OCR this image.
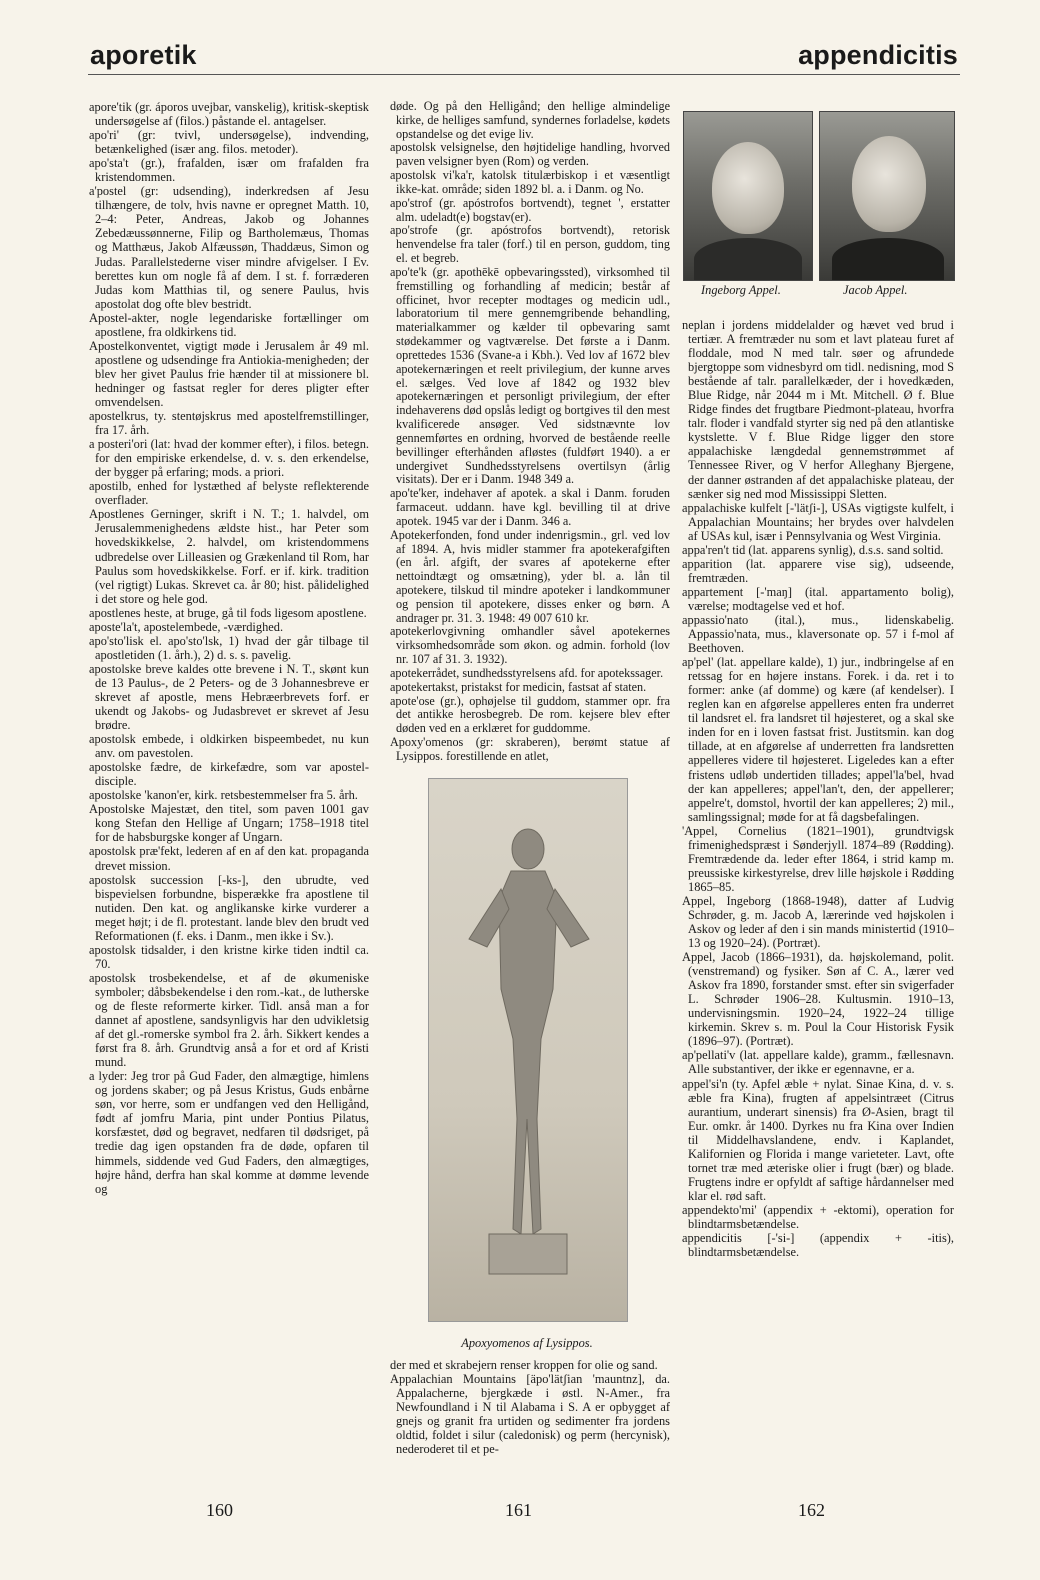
aporetik	appendicitis

apore'tik (gr. áporos uvejbar, vanskelig), kritisk-skeptisk undersøgelse af (filos.) påstande el. antagelser.

apo'ri' (gr: tvivl, undersøgelse), indvending, betænkelighed (især ang. filos. metoder).

apo'sta't (gr.), frafalden, især om frafalden fra kristendommen.

a'postel (gr: udsending), inderkredsen af Jesu tilhængere, de tolv, hvis navne er opregnet Matth. 10, 2–4: Peter, Andreas, Jakob og Johannes Zebedæussønnerne, Filip og Bartholemæus, Thomas og Matthæus, Jakob Alfæussøn, Thaddæus, Simon og Judas. Parallelstederne viser mindre afvigelser. I Ev. berettes kun om nogle få af dem. I st. f. forræderen Judas kom Matthias til, og senere Paulus, hvis apostolat dog ofte blev bestridt.

Apostel-akter, nogle legendariske fortællinger om apostlene, fra oldkirkens tid.

Apostelkonventet, vigtigt møde i Jerusalem år 49 ml. apostlene og udsendinge fra Antiokia-menigheden; der blev her givet Paulus frie hænder til at missionere bl. hedninger og fastsat regler for deres pligter efter omvendelsen.

apostelkrus, ty. stentøjskrus med apostelfremstillinger, fra 17. årh.

a posteri'ori (lat: hvad der kommer efter), i filos. betegn. for den empiriske erkendelse, d. v. s. den erkendelse, der bygger på erfaring; mods. a priori.

apostilb, enhed for lystæthed af belyste reflekterende overflader.

Apostlenes Gerninger, skrift i N. T.; 1. halvdel, om Jerusalemmenighedens ældste hist., har Peter som hovedskikkelse, 2. halvdel, om kristendommens udbredelse over Lilleasien og Grækenland til Rom, har Paulus som hovedskikkelse. Forf. er if. kirk. tradition (vel rigtigt) Lukas. Skrevet ca. år 80; hist. pålidelighed i det store og hele god.

apostlenes heste, at bruge, gå til fods ligesom apostlene.

aposte'la't, apostelembede, -værdighed.

apo'sto'lisk el. apo'sto'lsk, 1) hvad der går tilbage til apostletiden (1. årh.), 2) d. s. s. pavelig.

apostolske breve kaldes otte brevene i N. T., skønt kun de 13 Paulus-, de 2 Peters- og de 3 Johannesbreve er skrevet af apostle, mens Hebræerbrevets forf. er ukendt og Jakobs- og Judasbrevet er skrevet af Jesu brødre.

apostolsk embede, i oldkirken bispeembedet, nu kun anv. om pavestolen.

apostolske fædre, de kirkefædre, som var aposteldisciple.

apostolske 'kanon'er, kirk. retsbestemmelser fra 5. årh.

Apostolske Majestæt, den titel, som paven 1001 gav kong Stefan den Hellige af Ungarn; 1758–1918 titel for de habsburgske konger af Ungarn.

apostolsk præ'fekt, lederen af en af den kat. propaganda drevet mission.

apostolsk succession [-ks-], den ubrudte, ved bispevielsen forbundne, bisperække fra apostlene til nutiden. Den kat. og anglikanske kirke vurderer a meget højt; i de fl. protestant. lande blev den brudt ved Reformationen (f. eks. i Danm., men ikke i Sv.).

apostolsk tidsalder, i den kristne kirke tiden indtil ca. 70.

apostolsk trosbekendelse, et af de økumeniske symboler; dåbsbekendelse i den rom.-kat., de lutherske og de fleste reformerte kirker. Tidl. anså man a for dannet af apostlene, sandsynligvis har den udvikletsig af det gl.-romerske symbol fra 2. årh. Sikkert kendes a først fra 8. årh. Grundtvig anså a for et ord af Kristi mund.

a lyder: Jeg tror på Gud Fader, den almægtige, himlens og jordens skaber; og på Jesus Kristus, Guds enbårne søn, vor herre, som er undfangen ved den Helligånd, født af jomfru Maria, pint under Pontius Pilatus, korsfæstet, død og begravet, nedfaren til dødsriget, på tredie dag igen opstanden fra de døde, opfaren til himmels, siddende ved Gud Faders, den almægtiges, højre hånd, derfra han skal komme at dømme levende og

døde. Og på den Helligånd; den hellige almindelige kirke, de helliges samfund, syndernes forladelse, kødets opstandelse og det evige liv.

apostolsk velsignelse, den højtidelige handling, hvorved paven velsigner byen (Rom) og verden.

apostolsk vi'ka'r, katolsk titulærbiskop i et væsentligt ikke-kat. område; siden 1892 bl. a. i Danm. og No.

apo'strof (gr. apóstrofos bortvendt), tegnet ', erstatter alm. udeladt(e) bogstav(er).

apo'strofe (gr. apóstrofos bortvendt), retorisk henvendelse fra taler (forf.) til en person, guddom, ting el. et begreb.

apo'te'k (gr. apothēkē opbevaringssted), virksomhed til fremstilling og forhandling af medicin; består af officinet, hvor recepter modtages og medicin udl., laboratorium til mere gennemgribende behandling, materialkammer og kælder til opbevaring samt stødekammer og vagtværelse. Det første a i Danm. oprettedes 1536 (Svane-a i Kbh.). Ved lov af 1672 blev apotekernæringen et reelt privilegium, der kunne arves el. sælges. Ved love af 1842 og 1932 blev apotekernæringen et personligt privilegium, der efter indehaverens død opslås ledigt og bortgives til den mest kvalificerede ansøger. Ved sidstnævnte lov gennemførtes en ordning, hvorved de bestående reelle bevillinger efterhånden afløstes (fuldført 1940). a er undergivet Sundhedsstyrelsens overtilsyn (årlig visitats). Der er i Danm. 1948 349 a.

apo'te'ker, indehaver af apotek. a skal i Danm. foruden farmaceut. uddann. have kgl. bevilling til at drive apotek. 1945 var der i Danm. 346 a.

Apotekerfonden, fond under indenrigsmin., grl. ved lov af 1894. A, hvis midler stammer fra apotekerafgiften (en årl. afgift, der svares af apotekerne efter nettoindtægt og omsætning), yder bl. a. lån til apotekere, tilskud til mindre apoteker i landkommuner og pension til apotekere, disses enker og børn. A andrager pr. 31. 3. 1948: 49 007 610 kr.

apotekerlovgivning omhandler såvel apotekernes virksomhedsområde som økon. og admin. forhold (lov nr. 107 af 31. 3. 1932).

apotekerrådet, sundhedsstyrelsens afd. for apotekssager.

apotekertakst, pristakst for medicin, fastsat af staten.

apote'ose (gr.), ophøjelse til guddom, stammer opr. fra det antikke herosbegreb. De rom. kejsere blev efter døden ved en a erklæret for guddomme.

Apoxy'omenos (gr: skraberen), berømt statue af Lysippos. forestillende en atlet,

Ingeborg Appel.	Jacob Appel.

neplan i jordens middelalder og hævet ved brud i tertiær. A fremtræder nu som et lavt plateau furet af floddale, mod N med talr. søer og afrundede bjergtoppe som vidnesbyrd om tidl. nedisning, mod S bestående af talr. parallelkæder, der i hovedkæden, Blue Ridge, når 2044 m i Mt. Mitchell. Ø f. Blue Ridge findes det frugtbare Piedmont-plateau, hvorfra talr. floder i vandfald styrter sig ned på den atlantiske kystslette. V f. Blue Ridge ligger den store appalachiske længdedal gennemstrømmet af Tennessee River, og V herfor Alleghany Bjergene, der danner østranden af det appalachiske plateau, der sænker sig ned mod Mississippi Sletten.

appalachiske kulfelt [-'lätʃi-], USAs vigtigste kulfelt, i Appalachian Mountains; her brydes over halvdelen af USAs kul, især i Pennsylvania og West Virginia.

appa'ren't tid (lat. apparens synlig), d.s.s. sand soltid.

apparition (lat. apparere vise sig), udseende, fremtræden.

appartement [-'maŋ] (ital. appartamento bolig), værelse; modtagelse ved et hof.

appassio'nato (ital.), mus., lidenskabelig. Appassio'nata, mus., klaversonate op. 57 i f-mol af Beethoven.

ap'pel' (lat. appellare kalde), 1) jur., indbringelse af en retssag for en højere instans. Forek. i da. ret i to former: anke (af domme) og kære (af kendelser). I reglen kan en afgørelse appelleres enten fra underret til landsret el. fra landsret til højesteret, og a skal ske inden for en i loven fastsat frist. Justitsmin. kan dog tillade, at en afgørelse af underretten fra landsretten appelleres videre til højesteret. Ligeledes kan a efter fristens udløb undertiden tillades; appel'la'bel, hvad der kan appelleres; appel'lan't, den, der appellerer; appelre't, domstol, hvortil der kan appelleres; 2) mil., samlingssignal; møde for at få dagsbefalingen.

'Appel, Cornelius (1821–1901), grundtvigsk frimenighedspræst i Sønderjyll. 1874–89 (Rødding). Fremtrædende da. leder efter 1864, i strid kamp m. preussiske kirkestyrelse, drev lille højskole i Rødding 1865–85.

Appel, Ingeborg (1868-1948), datter af Ludvig Schrøder, g. m. Jacob A, lærerinde ved højskolen i Askov og leder af den i sin mands ministertid (1910–13 og 1920–24). (Portræt).

Appel, Jacob (1866–1931), da. højskolemand, polit. (venstremand) og fysiker. Søn af C. A., lærer ved Askov fra 1890, forstander smst. efter sin svigerfader L. Schrøder 1906–28. Kultusmin. 1910–13, undervisningsmin. 1920–24, 1922–24 tillige kirkemin. Skrev s. m. Poul la Cour Historisk Fysik (1896–97). (Portræt).

ap'pellati'v (lat. appellare kalde), gramm., fællesnavn. Alle substantiver, der ikke er egennavne, er a.

appel'si'n (ty. Apfel æble + nylat. Sinae Kina, d. v. s. æble fra Kina), frugten af appelsintræet (Citrus aurantium, underart sinensis) fra Ø-Asien, bragt til Eur. omkr. år 1400. Dyrkes nu fra Kina over Indien til Middelhavslandene, endv. i Kaplandet, Kalifornien og Florida i mange varieteter. Lavt, ofte tornet træ med æteriske olier i frugt (bær) og blade. Frugtens indre er opfyldt af saftige hårdannelser med klar el. rød saft.

appendekto'mi' (appendix + -ektomi), operation for blindtarmsbetændelse.

appendicitis [-'si-] (appendix + -itis), blindtarmsbetændelse.

Apoxyomenos af Lysippos.

der med et skrabejern renser kroppen for olie og sand.

Appalachian Mountains [äpo'lätʃian 'mauntnz], da. Appalacherne, bjergkæde i østl. N-Amer., fra Newfoundland i N til Alabama i S. A er opbygget af gnejs og granit fra urtiden og sedimenter fra jordens oldtid, foldet i silur (caledonisk) og perm (hercynisk), nederoderet til et pe-

160	161	162
